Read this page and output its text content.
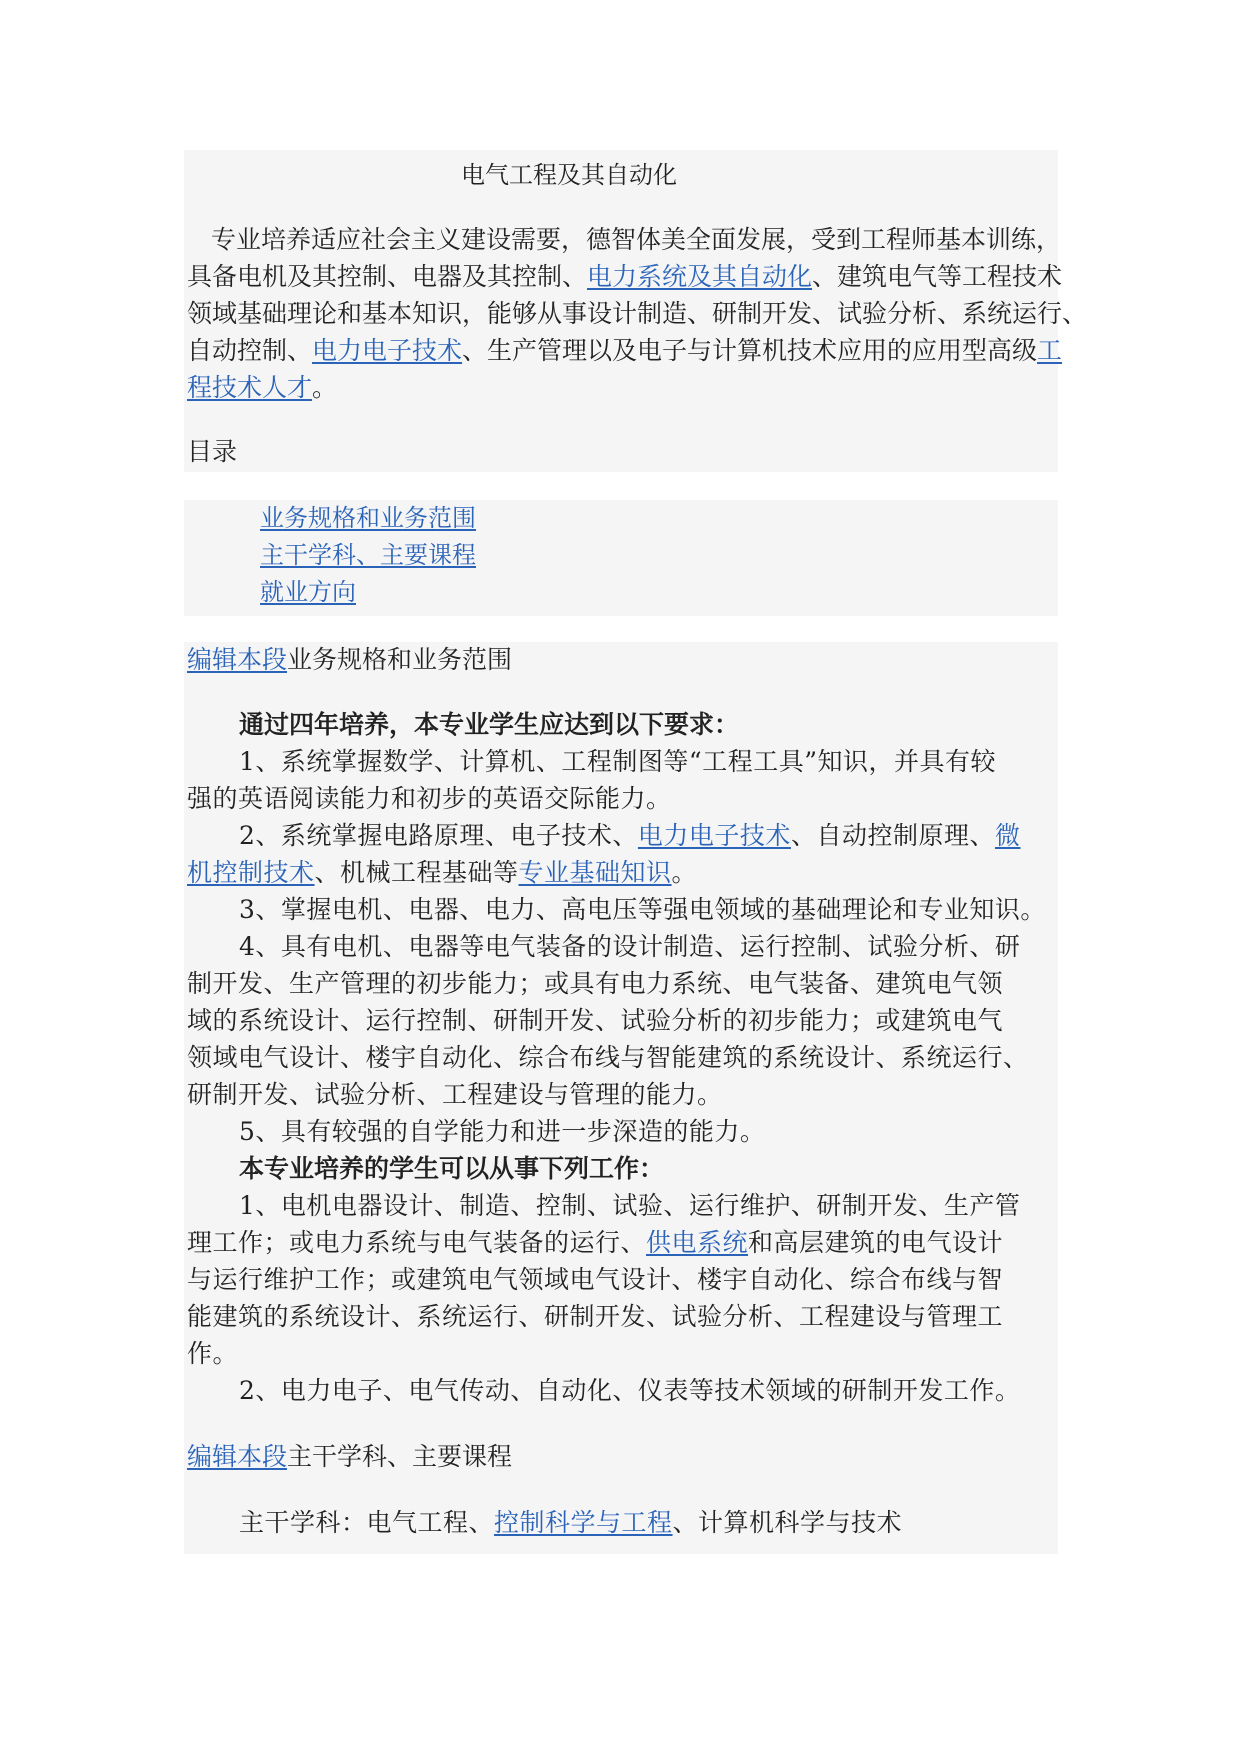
电气工程及其自动化
专业培养适应社会主义建设需要，德智体美全面发展，受到工程师基本训练，
具备电机及其控制、电器及其控制、电力系统及其自动化、建筑电气等工程技术
领域基础理论和基本知识，能够从事设计制造、研制开发、试验分析、系统运行、
自动控制、电力电子技术、生产管理以及电子与计算机技术应用的应用型高级工
程技术人才。
目录
业务规格和业务范围
主干学科、主要课程
就业方向
编辑本段业务规格和业务范围
通过四年培养，本专业学生应达到以下要求：
1、系统掌握数学、计算机、工程制图等“工程工具”知识，并具有较
强的英语阅读能力和初步的英语交际能力。
2、系统掌握电路原理、电子技术、电力电子技术、自动控制原理、微
机控制技术、机械工程基础等专业基础知识。
3、掌握电机、电器、电力、高电压等强电领域的基础理论和专业知识。
4、具有电机、电器等电气装备的设计制造、运行控制、试验分析、研
制开发、生产管理的初步能力；或具有电力系统、电气装备、建筑电气领
域的系统设计、运行控制、研制开发、试验分析的初步能力；或建筑电气
领域电气设计、楼宇自动化、综合布线与智能建筑的系统设计、系统运行、
研制开发、试验分析、工程建设与管理的能力。
5、具有较强的自学能力和进一步深造的能力。
本专业培养的学生可以从事下列工作：
1、电机电器设计、制造、控制、试验、运行维护、研制开发、生产管
理工作；或电力系统与电气装备的运行、供电系统和高层建筑的电气设计
与运行维护工作；或建筑电气领域电气设计、楼宇自动化、综合布线与智
能建筑的系统设计、系统运行、研制开发、试验分析、工程建设与管理工
作。
2、电力电子、电气传动、自动化、仪表等技术领域的研制开发工作。
编辑本段主干学科、主要课程
主干学科：电气工程、控制科学与工程、计算机科学与技术
